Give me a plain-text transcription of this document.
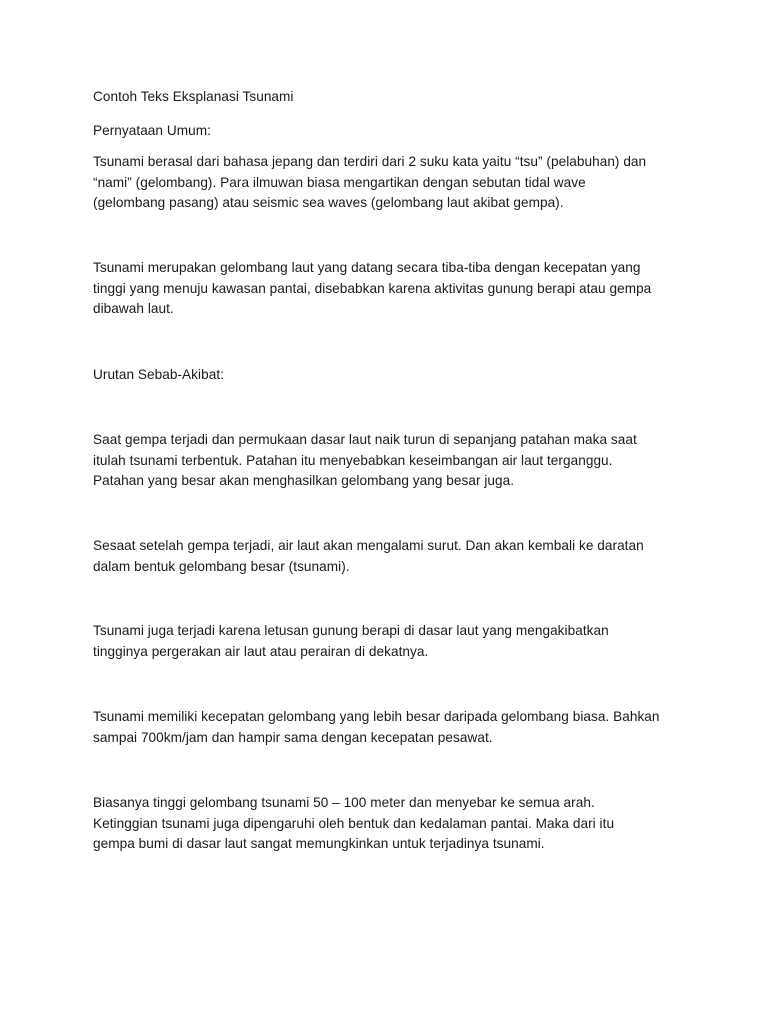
Contoh Teks Eksplanasi Tsunami
Pernyataan Umum:
Tsunami berasal dari bahasa jepang dan terdiri dari 2 suku kata yaitu “tsu” (pelabuhan) dan
“nami” (gelombang). Para ilmuwan biasa mengartikan dengan sebutan tidal wave
(gelombang pasang) atau seismic sea waves (gelombang laut akibat gempa).
Tsunami merupakan gelombang laut yang datang secara tiba-tiba dengan kecepatan yang
tinggi yang menuju kawasan pantai, disebabkan karena aktivitas gunung berapi atau gempa
dibawah laut.
Urutan Sebab-Akibat:
Saat gempa terjadi dan permukaan dasar laut naik turun di sepanjang patahan maka saat
itulah tsunami terbentuk. Patahan itu menyebabkan keseimbangan air laut terganggu.
Patahan yang besar akan menghasilkan gelombang yang besar juga.
Sesaat setelah gempa terjadi, air laut akan mengalami surut. Dan akan kembali ke daratan
dalam bentuk gelombang besar (tsunami).
Tsunami juga terjadi karena letusan gunung berapi di dasar laut yang mengakibatkan
tingginya pergerakan air laut atau perairan di dekatnya.
Tsunami memiliki kecepatan gelombang yang lebih besar daripada gelombang biasa. Bahkan
sampai 700km/jam dan hampir sama dengan kecepatan pesawat.
Biasanya tinggi gelombang tsunami 50 – 100 meter dan menyebar ke semua arah.
Ketinggian tsunami juga dipengaruhi oleh bentuk dan kedalaman pantai. Maka dari itu
gempa bumi di dasar laut sangat memungkinkan untuk terjadinya tsunami.
